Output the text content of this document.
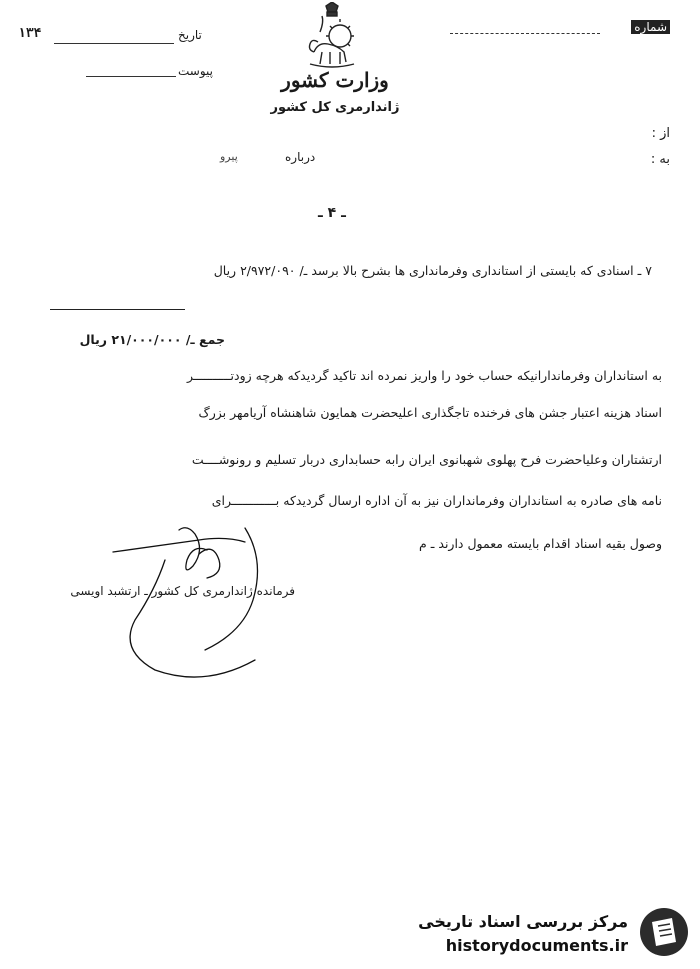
۱۳۴	تاریخ
پیوست
شماره
وزارت کشور
ژاندارمری کل کشور
از :
به :
درباره
پیرو
ـ ۴ ـ
۷ ـ اسنادی که بایستی از استانداری وفرمانداری ها بشرح بالا برسد ـ/ ۲/۹۷۲/۰۹۰ ریال
جمع ـ/ ۲۱/۰۰۰/۰۰۰ ریال
به استانداران وفرماندارانیکه حساب خود را واریز نمرده اند تاکید گردیدکه هرچه زودتــــــــــر
اسناد هزینه اعتبار جشن های فرخنده تاجگذاری اعلیحضرت همایون شاهنشاه آریامهر بزرگ
ارتشتاران وعلیاحضرت فرح پهلوی شهبانوی ایران رابه حسابداری دربار تسلیم و رونوشــــت
نامه های صادره به استانداران وفرمانداران نیز به آن اداره ارسال گردیدکه بــــــــــــرای
وصول بقیه اسناد اقدام بایسته معمول دارند ـ م
فرمانده ژاندارمری کل کشور ـ ارتشبد اویسی
مرکز بررسی اسناد تاریخی
historydocuments.ir
